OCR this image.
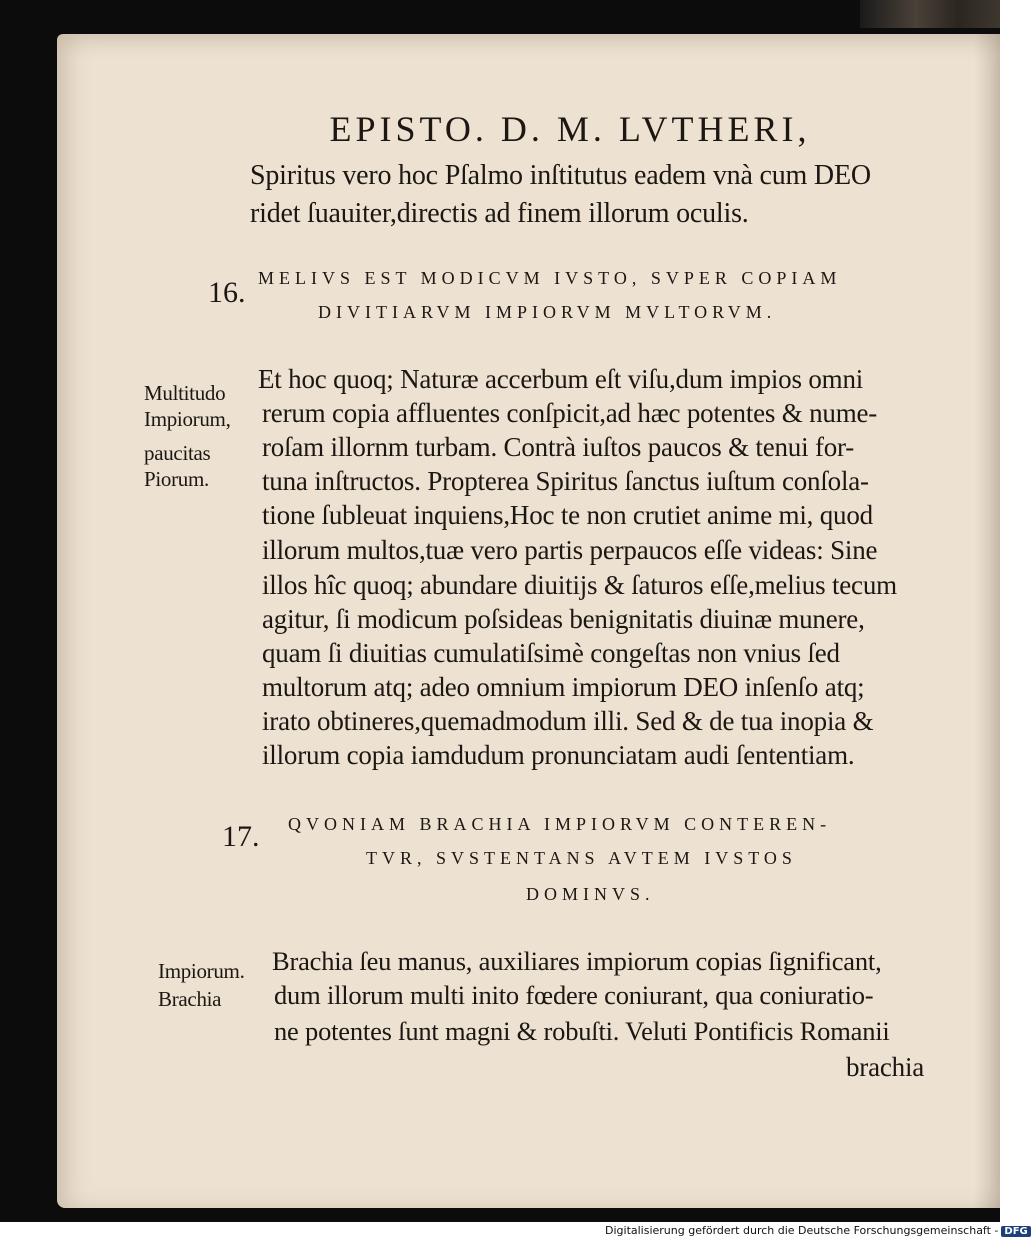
EPISTO. D. M. LVTHERI,
Spiritus vero hoc Pſalmo inſtitutus eadem vnà cum DEO
ridet ſuauiter,directis ad finem illorum oculis.
16. MELIVS EST MODICVM IVSTO, SVPER COPIAM
DIVITIARVM IMPIORVM MVLTORVM.
Multitudo
Impiorum,
paucitas
Piorum.
Et hoc quoq; Naturæ accerbum eſt viſu,dum impios omni
rerum copia affluentes conſpicit,ad hæc potentes & nume-
roſam illornm turbam. Contrà iuſtos paucos & tenui for-
tuna inſtructos. Propterea Spiritus ſanctus iuſtum conſola-
tione ſubleuat inquiens,Hoc te non crutiet anime mi, quod
illorum multos,tuæ vero partis perpaucos eſſe videas: Sine
illos hîc quoq; abundare diuitijs & ſaturos eſſe,melius tecum
agitur, ſi modicum poſsideas benignitatis diuinæ munere,
quam ſi diuitias cumulatiſsimè congeſtas non vnius ſed
multorum atq; adeo omnium impiorum DEO inſenſo atq;
irato obtineres,quemadmodum illi. Sed & de tua inopia &
illorum copia iamdudum pronunciatam audi ſententiam.
17. QVONIAM BRACHIA IMPIORVM CONTEREN-
TVR, SVSTENTANS AVTEM IVSTOS
DOMINVS.
Impiorum.
Brachia
Brachia ſeu manus, auxiliares impiorum copias ſignificant,
dum illorum multi inito fœdere coniurant, qua coniuratio-
ne potentes ſunt magni & robuſti. Veluti Pontificis Romanii
brachia
Digitalisierung gefördert durch die Deutsche Forschungsgemeinschaft - DFG
